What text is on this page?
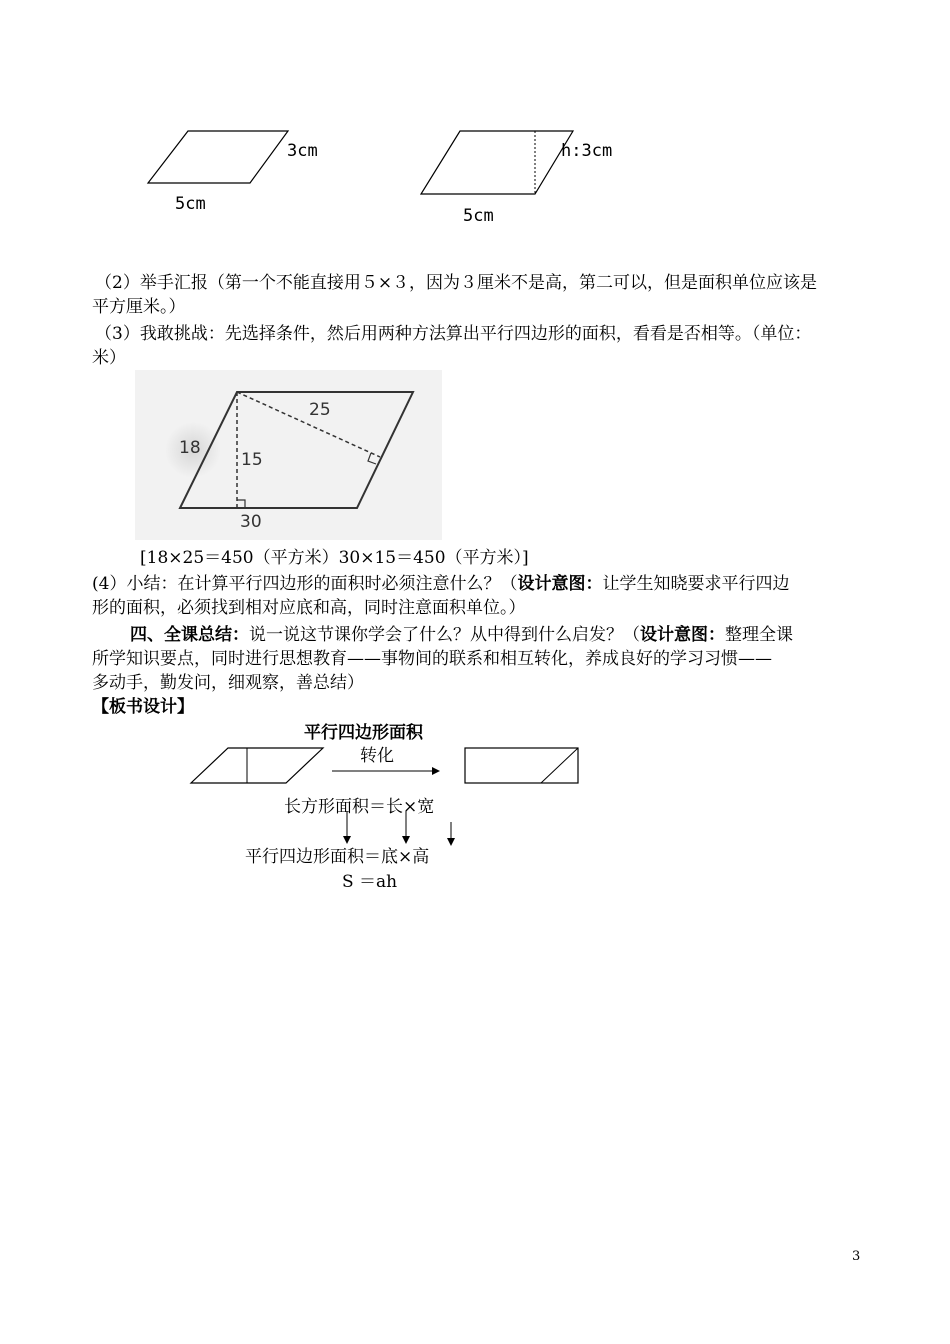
3cm
5cm
h:3cm
5cm
（2）举手汇报（第一个不能直接用５×３，因为３厘米不是高，第二可以，但是面积单位应该是
平方厘米。）
（3）我敢挑战：先选择条件，然后用两种方法算出平行四边形的面积，看看是否相等。（单位：
米）
18
25
15
30
[18×25＝450（平方米）30×15＝450（平方米）]
(4）小结：在计算平行四边形的面积时必须注意什么？（设计意图：让学生知晓要求平行四边
形的面积，必须找到相对应底和高，同时注意面积单位。）
四、全课总结：说一说这节课你学会了什么？从中得到什么启发？（设计意图：整理全课
所学知识要点，同时进行思想教育——事物间的联系和相互转化，养成良好的学习习惯——
多动手，勤发问，细观察，善总结）
【板书设计】
平行四边形面积
转化
长方形面积＝长×宽
平行四边形面积＝底×高
S ＝ah
3
